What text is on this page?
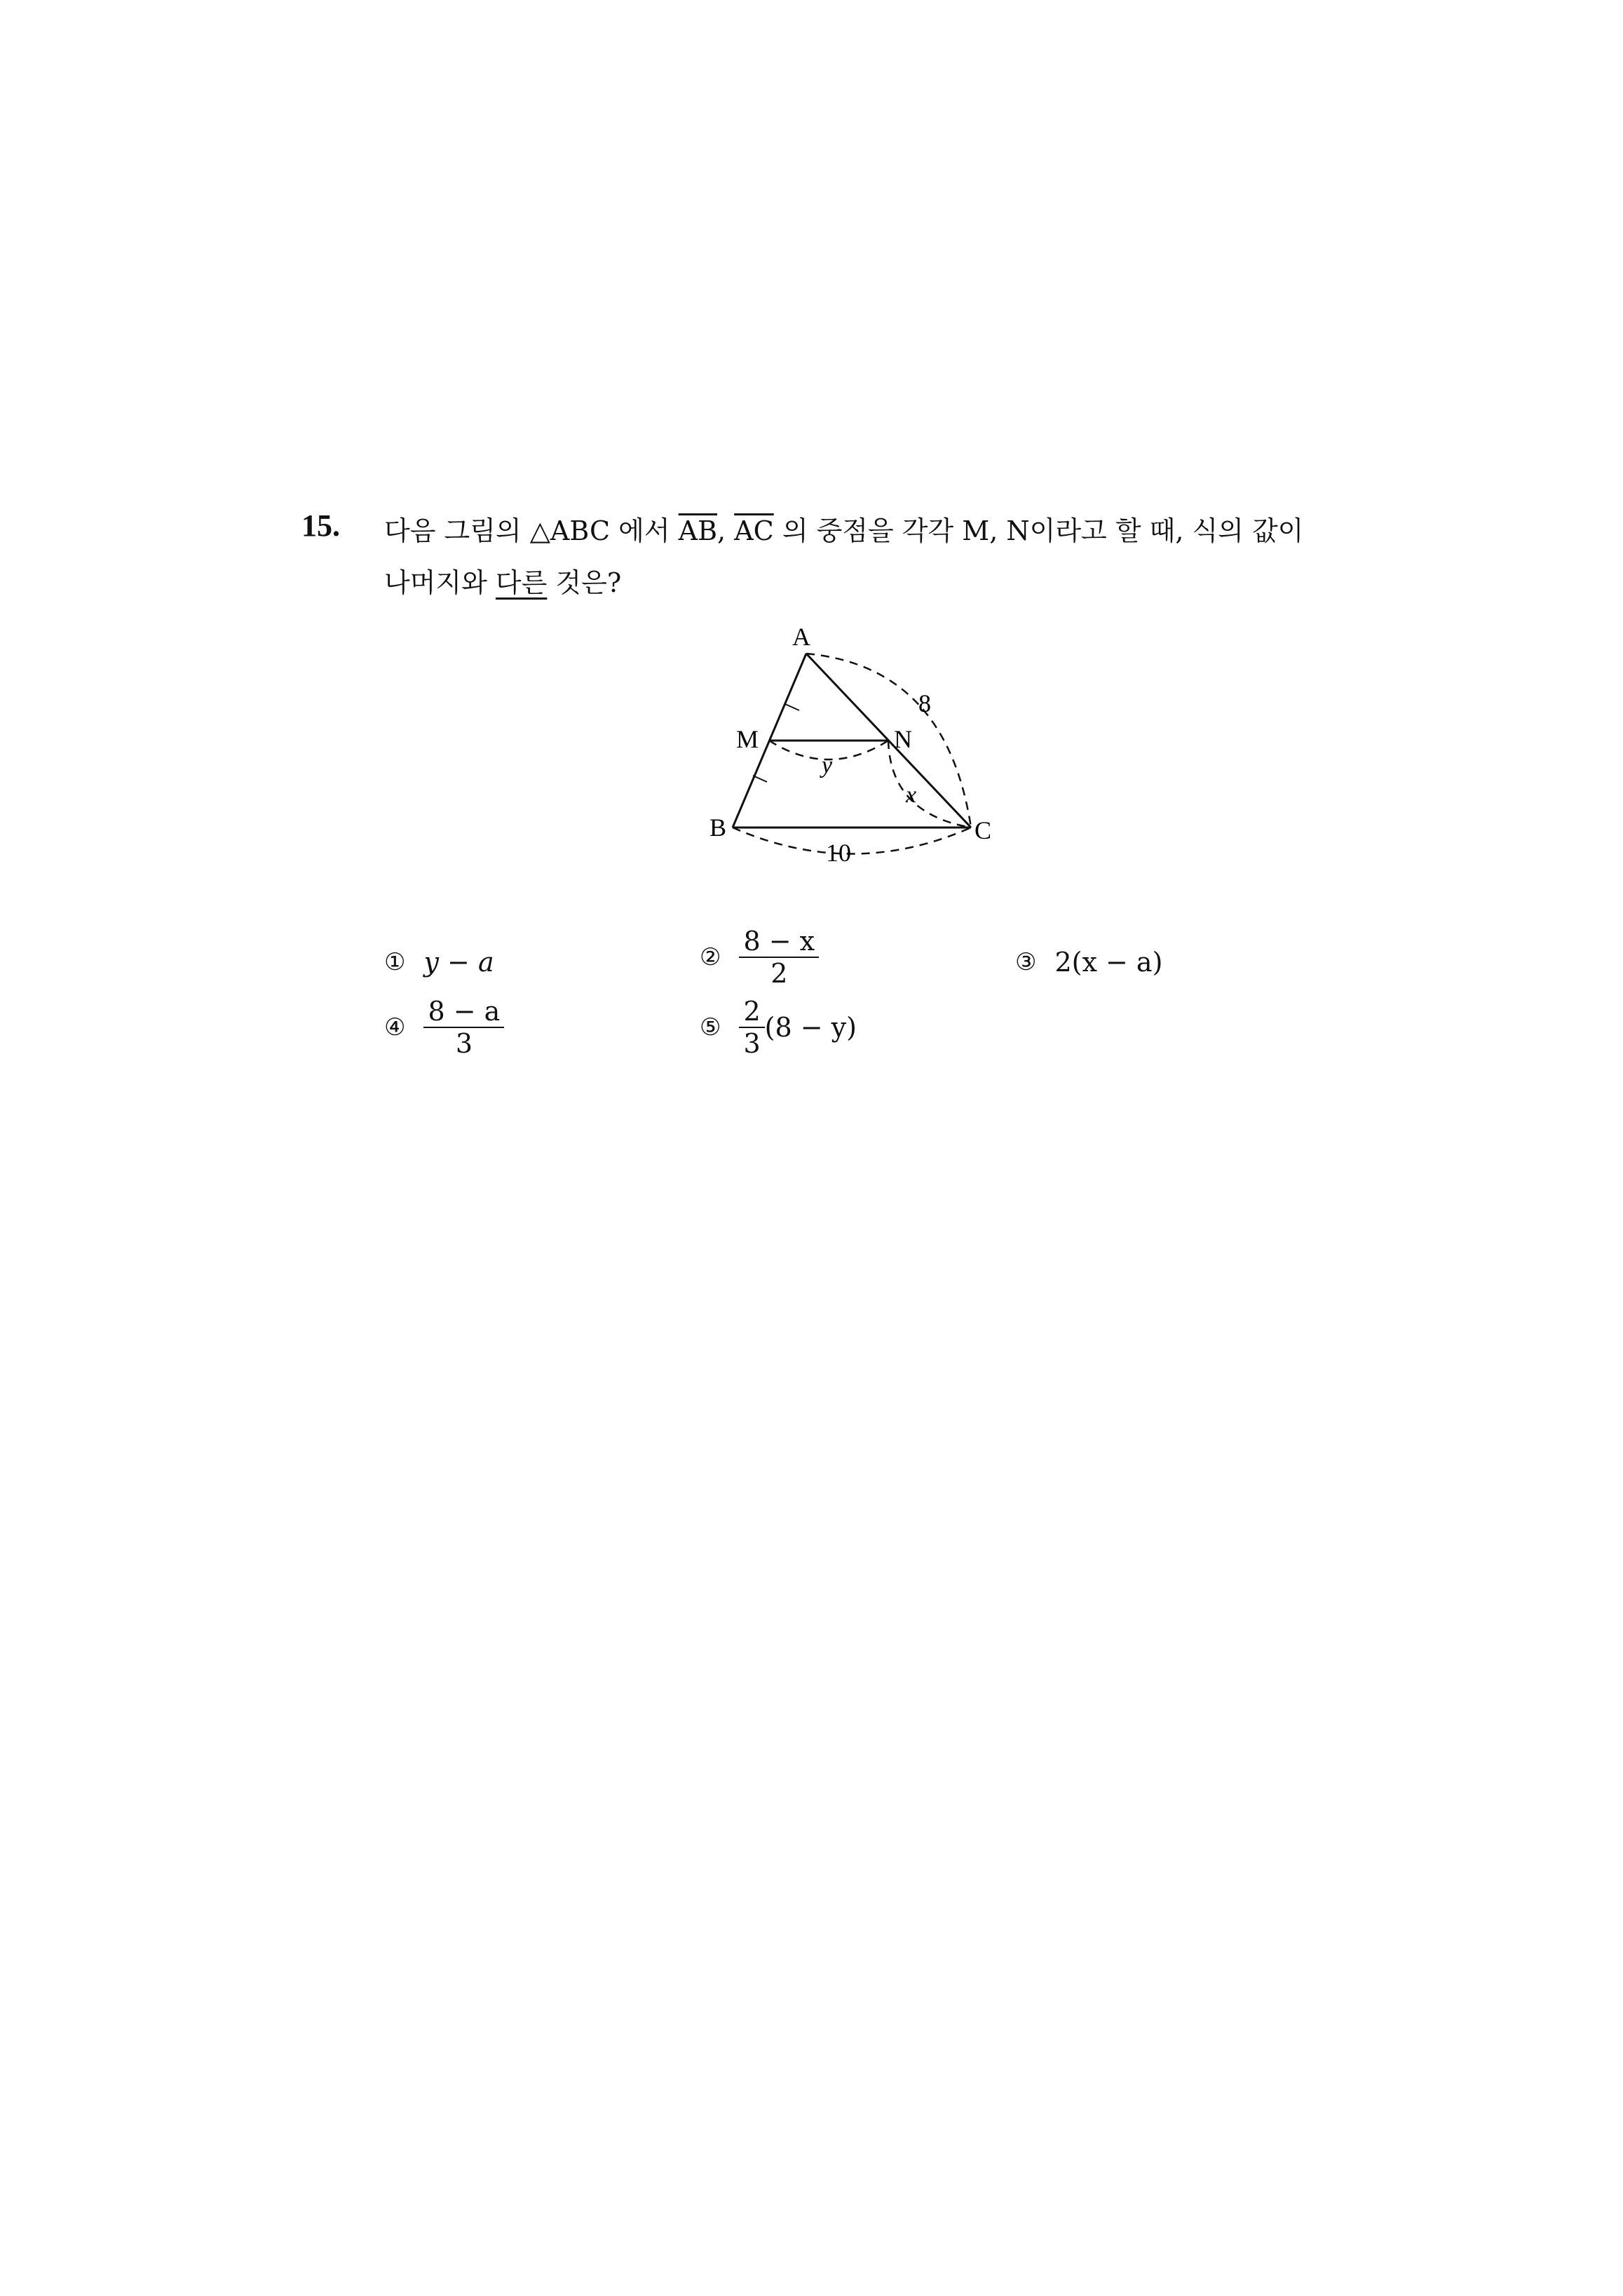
15. 다음 그림의 △ABC 에서 $\overline{AB}$, $\overline{AC}$ 의 중점을 각각 M, N이라고 할 때, 식의 값이
나머지와 다른 것은?
A
M	N
B	C
8
y
x
10
① y − a	② $\frac{8 - x}{2}$	③ 2(x − a)
④ $\frac{8 - a}{3}$	⑤ $\frac{2}{3} (8 - y)$
